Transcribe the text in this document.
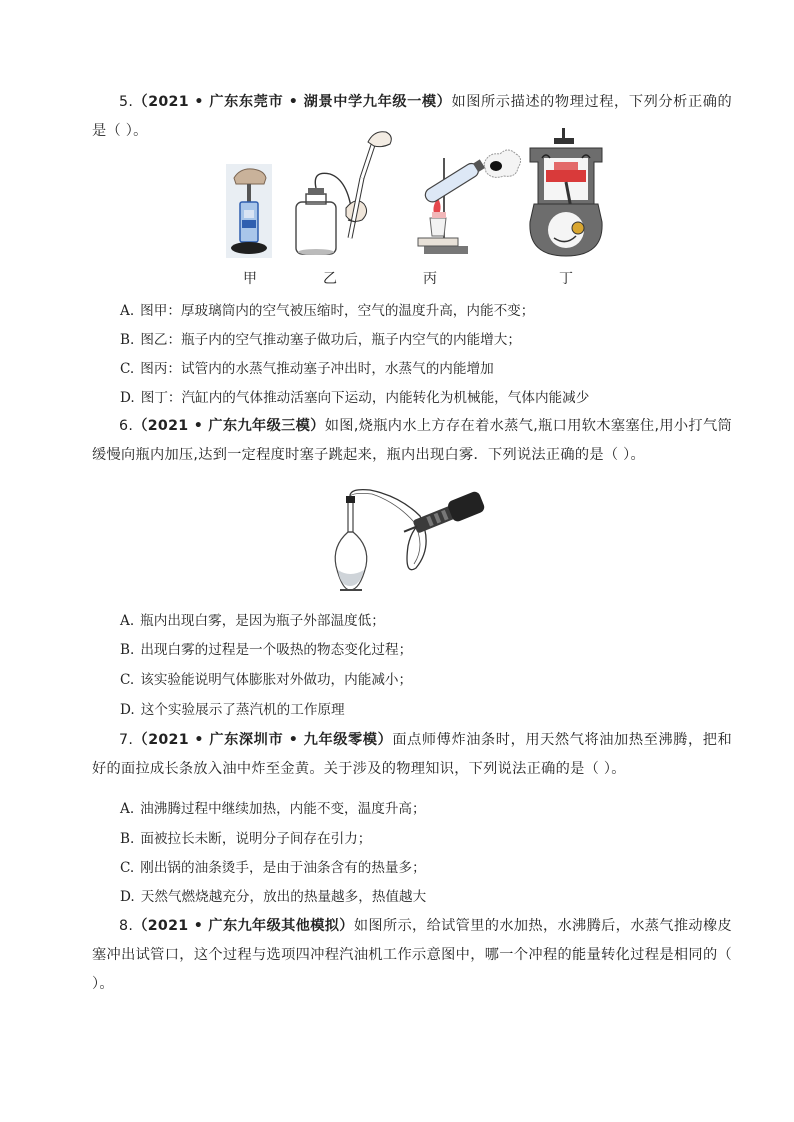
5.（2021 • 广东东莞市 • 湖景中学九年级一模）如图所示描述的物理过程，下列分析正确的是（ ）。
甲	乙	丙	丁
A. 图甲：厚玻璃筒内的空气被压缩时，空气的温度升高，内能不变；
B. 图乙：瓶子内的空气推动塞子做功后，瓶子内空气的内能增大；
C. 图丙：试管内的水蒸气推动塞子冲出时，水蒸气的内能增加
D. 图丁：汽缸内的气体推动活塞向下运动，内能转化为机械能，气体内能减少
6.（2021 • 广东九年级三模）如图,烧瓶内水上方存在着水蒸气,瓶口用软木塞塞住,用小打气筒缓慢向瓶内加压,达到一定程度时塞子跳起来，瓶内出现白雾．下列说法正确的是（ ）。
A. 瓶内出现白雾，是因为瓶子外部温度低；
B. 出现白雾的过程是一个吸热的物态变化过程；
C. 该实验能说明气体膨胀对外做功，内能减小；
D. 这个实验展示了蒸汽机的工作原理
7.（2021 • 广东深圳市 • 九年级零模）面点师傅炸油条时，用天然气将油加热至沸腾，把和好的面拉成长条放入油中炸至金黄。关于涉及的物理知识，下列说法正确的是（ ）。
A. 油沸腾过程中继续加热，内能不变，温度升高；
B. 面被拉长未断，说明分子间存在引力；
C. 刚出锅的油条烫手，是由于油条含有的热量多；
D. 天然气燃烧越充分，放出的热量越多，热值越大
8.（2021 • 广东九年级其他模拟）如图所示，给试管里的水加热，水沸腾后，水蒸气推动橡皮塞冲出试管口，这个过程与选项四冲程汽油机工作示意图中，哪一个冲程的能量转化过程是相同的（ ）。
